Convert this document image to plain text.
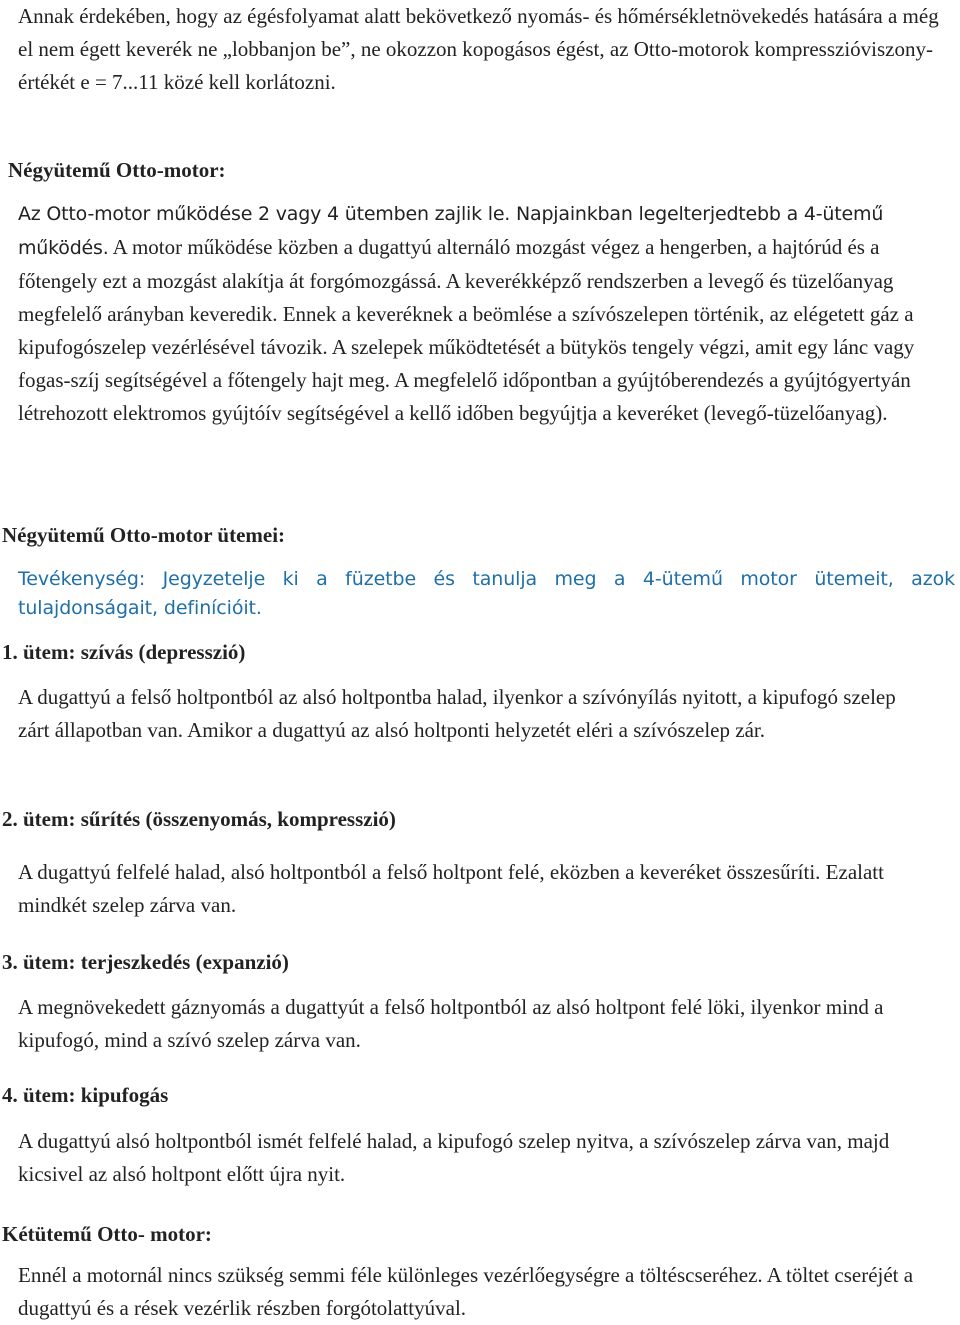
Annak érdekében, hogy az égésfolyamat alatt bekövetkező nyomás- és hőmérsékletnövekedés hatására a még el nem égett keverék ne „lobbanjon be”, ne okozzon kopogásos égést, az Otto-motorok kompresszióviszony-értékét e = 7...11 közé kell korlátozni.

Négyütemű Otto-motor:

Az Otto-motor működése 2 vagy 4 ütemben zajlik le. Napjainkban legelterjedtebb a 4-ütemű működés. A motor működése közben a dugattyú alternáló mozgást végez a hengerben, a hajtórúd és a főtengely ezt a mozgást alakítja át forgómozgássá. A keverékképző rendszerben a levegő és tüzelőanyag megfelelő arányban keveredik. Ennek a keveréknek a beömlése a szívószelepen történik, az elégetett gáz a kipufogószelep vezérlésével távozik. A szelepek működtetését a bütykös tengely végzi, amit egy lánc vagy fogas-szíj segítségével a főtengely hajt meg. A megfelelő időpontban a gyújtóberendezés a gyújtógyertyán létrehozott elektromos gyújtóív segítségével a kellő időben begyújtja a keveréket (levegő-tüzelőanyag).

Négyütemű Otto-motor ütemei:

Tevékenység: Jegyzetelje ki a füzetbe és tanulja meg a 4-ütemű motor ütemeit, azok tulajdonságait, definícióit.

1. ütem: szívás (depresszió)

A dugattyú a felső holtpontból az alsó holtpontba halad, ilyenkor a szívónyílás nyitott, a kipufogó szelep zárt állapotban van. Amikor a dugattyú az alsó holtponti helyzetét eléri a szívószelep zár.

2. ütem: sűrítés (összenyomás, kompresszió)

A dugattyú felfelé halad, alsó holtpontból a felső holtpont felé, eközben a keveréket összesűríti. Ezalatt mindkét szelep zárva van.

3. ütem: terjeszkedés (expanzió)

A megnövekedett gáznyomás a dugattyút a felső holtpontból az alsó holtpont felé löki, ilyenkor mind a kipufogó, mind a szívó szelep zárva van.

4. ütem: kipufogás

A dugattyú alsó holtpontból ismét felfelé halad, a kipufogó szelep nyitva, a szívószelep zárva van, majd kicsivel az alsó holtpont előtt újra nyit.

Kétütemű Otto- motor:

Ennél a motornál nincs szükség semmi féle különleges vezérlőegységre a töltéscseréhez. A töltet cseréjét a dugattyú és a rések vezérlik részben forgótolattyúval.
